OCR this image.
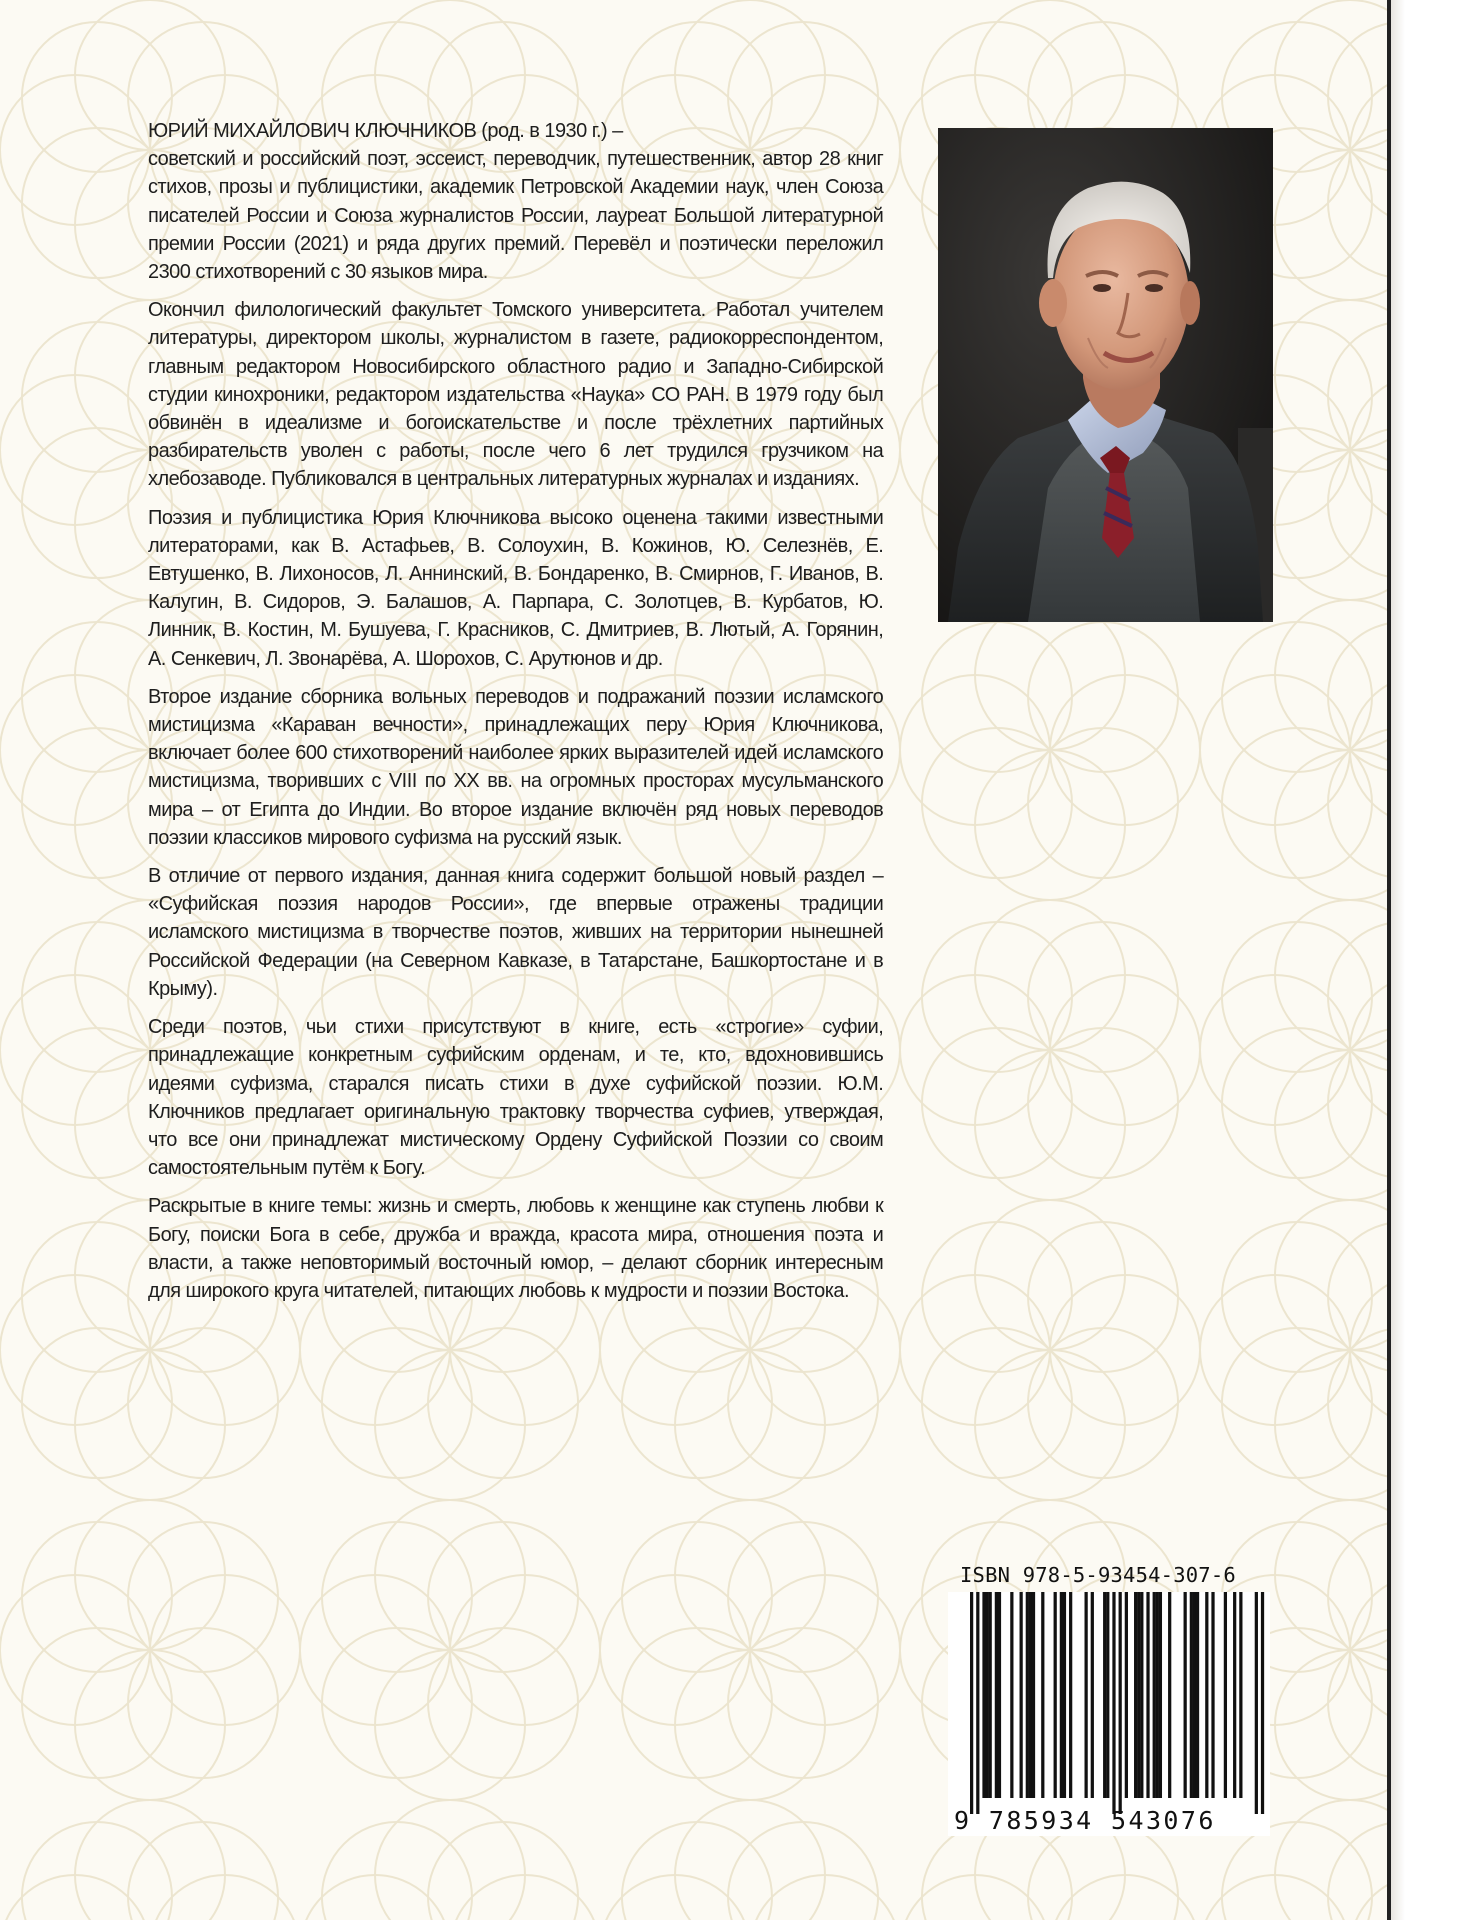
ЮРИЙ МИХАЙЛОВИЧ КЛЮЧНИКОВ (род. в 1930 г.) –

советский и российский поэт, эссеист, переводчик, путешественник, автор 28 книг стихов, прозы и публицистики, академик Петровской Академии наук, член Союза писателей России и Союза журналистов России, лауреат Большой литературной премии России (2021) и ряда других премий. Перевёл и поэтически переложил 2300 стихотворений с 30 языков мира.

Окончил филологический факультет Томского университета. Работал учителем литературы, директором школы, журналистом в газете, радиокорреспондентом, главным редактором Новосибирского областного радио и Западно-Сибирской студии кинохроники, редактором издательства «Наука» СО РАН. В 1979 году был обвинён в идеализме и богоискательстве и после трёхлетних партийных разбирательств уволен с работы, после чего 6 лет трудился грузчиком на хлебозаводе. Публиковался в центральных литературных журналах и изданиях.

Поэзия и публицистика Юрия Ключникова высоко оценена такими известными литераторами, как В. Астафьев, В. Солоухин, В. Кожинов, Ю. Селезнёв, Е. Евтушенко, В. Лихоносов, Л. Аннинский, В. Бондаренко, В. Смирнов, Г. Иванов, В. Калугин, В. Сидоров, Э. Балашов, А. Парпара, С. Золотцев, В. Курбатов, Ю. Линник, В. Костин, М. Бушуева, Г. Красников, С. Дмитриев, В. Лютый, А. Горянин, А. Сенкевич, Л. Звонарёва, А. Шорохов, С. Арутюнов и др.

Второе издание сборника вольных переводов и подражаний поэзии исламского мистицизма «Караван вечности», принадлежащих перу Юрия Ключникова, включает более 600 стихотворений наиболее ярких выразителей идей исламского мистицизма, творивших с VIII по XX вв. на огромных просторах мусульманского мира – от Египта до Индии. Во второе издание включён ряд новых переводов поэзии классиков мирового суфизма на русский язык.

В отличие от первого издания, данная книга содержит большой новый раздел – «Суфийская поэзия народов России», где впервые отражены традиции исламского мистицизма в творчестве поэтов, живших на территории нынешней Российской Федерации (на Северном Кавказе, в Татарстане, Башкортостане и в Крыму).

Среди поэтов, чьи стихи присутствуют в книге, есть «строгие» суфии, принадлежащие конкретным суфийским орденам, и те, кто, вдохновившись идеями суфизма, старался писать стихи в духе суфийской поэзии. Ю.М. Ключников предлагает оригинальную трактовку творчества суфиев, утверждая, что все они принадлежат мистическому Ордену Суфийской Поэзии со своим самостоятельным путём к Богу.

Раскрытые в книге темы: жизнь и смерть, любовь к женщине как ступень любви к Богу, поиски Бога в себе, дружба и вражда, красота мира, отношения поэта и власти, а также неповторимый восточный юмор, – делают сборник интересным для широкого круга читателей, питающих любовь к мудрости и поэзии Востока.

ISBN 978-5-93454-307-6
9 785934 543076
